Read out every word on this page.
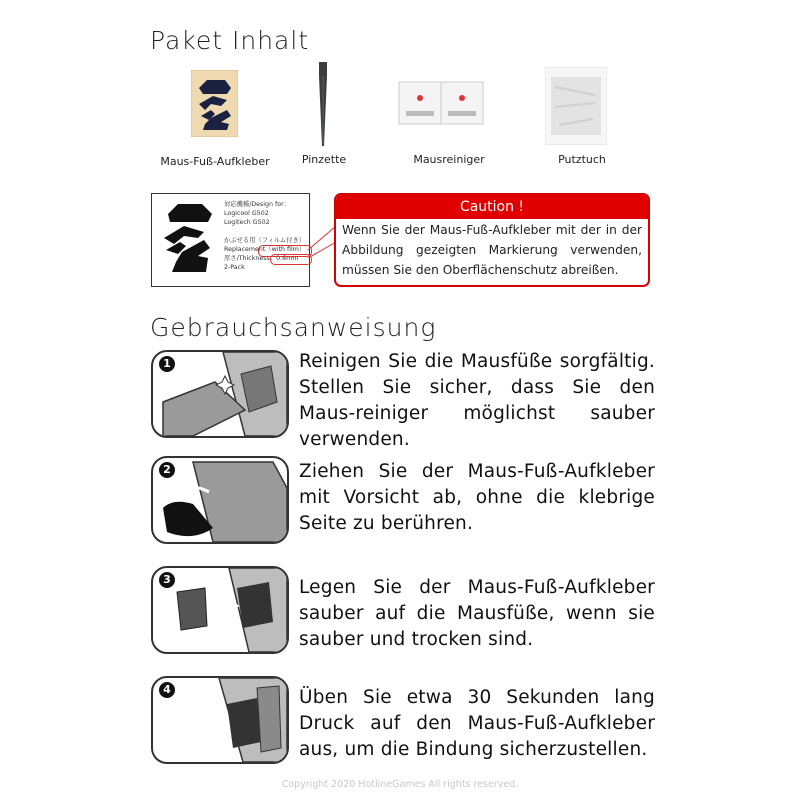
Paket Inhalt
Maus-Fuß-Aufkleber	Pinzette	Mausreiniger	Putztuch
対応機種/Design for：
Logicool G502
Logitech G502

かぶせる用（フィルム付き）
Replacement（with film）
厚さ/Thickness：0.6mm
2-Pack
Caution !
Wenn Sie der Maus-Fuß-Aufkleber mit der in der Abbildung gezeigten Markierung verwenden, müssen Sie den Oberflächenschutz abreißen.
Gebrauchsanweisung
1	Reinigen Sie die Mausfüße sorgfältig. Stellen Sie sicher, dass Sie den Maus-reiniger möglichst sauber verwenden.
2	Ziehen Sie der Maus-Fuß-Aufkleber mit Vorsicht ab, ohne die klebrige Seite zu berühren.
3	Legen Sie der Maus-Fuß-Aufkleber sauber auf die Mausfüße, wenn sie sauber und trocken sind.
4	Üben Sie etwa 30 Sekunden lang Druck auf den Maus-Fuß-Aufkleber aus, um die Bindung sicherzustellen.
Copyright 2020 HotlineGames All rights reserved.
